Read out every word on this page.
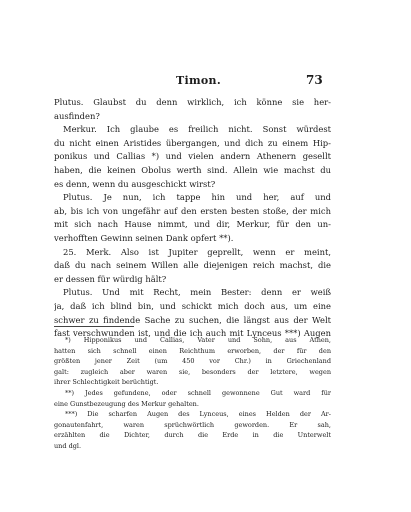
Timon.	73
Plutus. Glaubst du denn wirklich, ich könne sie her-
ausfinden?
Merkur. Ich glaube es freilich nicht. Sonst würdest
du nicht einen Aristides übergangen, und dich zu einem Hip-
ponikus und Callias *) und vielen andern Athenern gesellt
haben, die keinen Obolus werth sind. Allein wie machst du
es denn, wenn du ausgeschickt wirst?
Plutus. Je nun, ich tappe hin und her, auf und
ab, bis ich von ungefähr auf den ersten besten stoße, der mich
mit sich nach Hause nimmt, und dir, Merkur, für den un-
verhofften Gewinn seinen Dank opfert **).
25. Merk. Also ist Jupiter geprellt, wenn er meint,
daß du nach seinem Willen alle diejenigen reich machst, die
er dessen für würdig hält?
Plutus. Und mit Recht, mein Bester: denn er weiß
ja, daß ich blind bin, und schickt mich doch aus, um eine
schwer zu findende Sache zu suchen, die längst aus der Welt
fast verschwunden ist, und die ich auch mit Lynceus ***) Augen
*) Hipponikus und Callias, Vater und Sohn, aus Athen,
hatten sich schnell einen Reichthum erworben, der für den
größten jener Zeit (um 450 vor Chr.) in Griechenland
galt: zugleich aber waren sie, besonders der letztere, wegen
ihrer Schlechtigkeit berüchtigt.
**) Jedes gefundene, oder schnell gewonnene Gut ward für
eine Gunstbezeugung des Merkur gehalten.
***) Die scharfen Augen des Lynceus, eines Helden der Ar-
gonautenfahrt, waren sprüchwörtlich geworden. Er sah,
erzählten die Dichter, durch die Erde in die Unterwelt
und dgl.
